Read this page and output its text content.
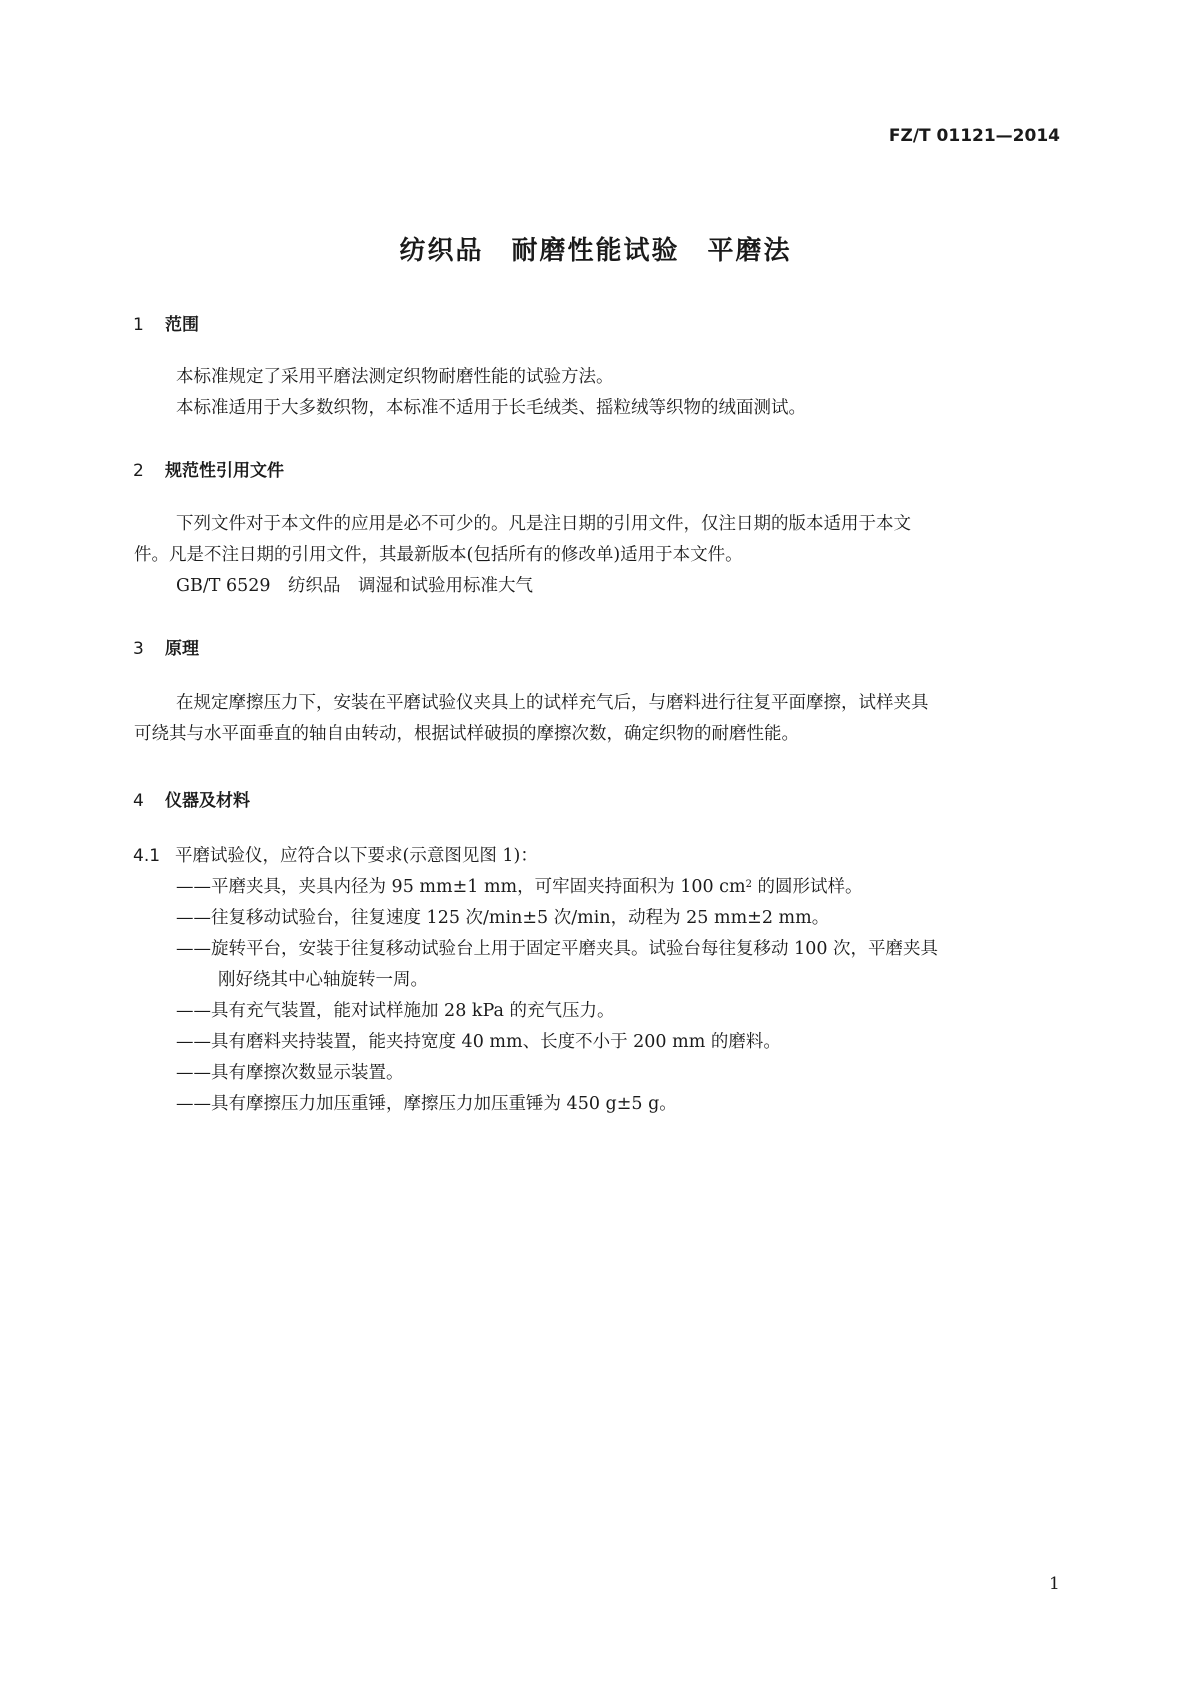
FZ/T 01121—2014
纺织品　耐磨性能试验　平磨法
1 范围
本标准规定了采用平磨法测定织物耐磨性能的试验方法。
本标准适用于大多数织物，本标准不适用于长毛绒类、摇粒绒等织物的绒面测试。
2 规范性引用文件
下列文件对于本文件的应用是必不可少的。凡是注日期的引用文件，仅注日期的版本适用于本文
件。凡是不注日期的引用文件，其最新版本(包括所有的修改单)适用于本文件。
GB/T 6529　纺织品　调湿和试验用标准大气
3 原理
在规定摩擦压力下，安装在平磨试验仪夹具上的试样充气后，与磨料进行往复平面摩擦，试样夹具
可绕其与水平面垂直的轴自由转动，根据试样破损的摩擦次数，确定织物的耐磨性能。
4 仪器及材料
4.1 平磨试验仪，应符合以下要求(示意图见图 1)：
——平磨夹具，夹具内径为 95 mm±1 mm，可牢固夹持面积为 100 $cm^2$ 的圆形试样。
——往复移动试验台，往复速度 125 次/min±5 次/min，动程为 25 mm±2 mm。
——旋转平台，安装于往复移动试验台上用于固定平磨夹具。试验台每往复移动 100 次，平磨夹具
刚好绕其中心轴旋转一周。
——具有充气装置，能对试样施加 28 kPa 的充气压力。
——具有磨料夹持装置，能夹持宽度 40 mm、长度不小于 200 mm 的磨料。
——具有摩擦次数显示装置。
——具有摩擦压力加压重锤，摩擦压力加压重锤为 450 g±5 g。
1
